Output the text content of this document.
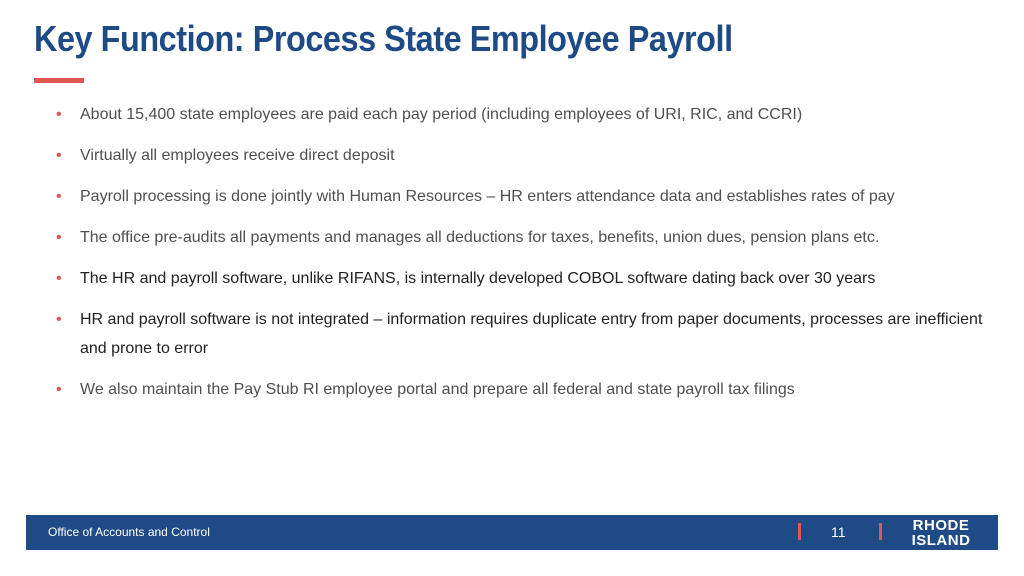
Key Function: Process State Employee Payroll
• About 15,400 state employees are paid each pay period (including employees of URI, RIC, and CCRI)
• Virtually all employees receive direct deposit
• Payroll processing is done jointly with Human Resources – HR enters attendance data and establishes rates of pay
• The office pre-audits all payments and manages all deductions for taxes, benefits, union dues, pension plans etc.
• The HR and payroll software, unlike RIFANS, is internally developed COBOL software dating back over 30 years
• HR and payroll software is not integrated – information requires duplicate entry from paper documents, processes are inefficient and prone to error
• We also maintain the Pay Stub RI employee portal and prepare all federal and state payroll tax filings
Office of Accounts and Control	11	RHODE
ISLAND
